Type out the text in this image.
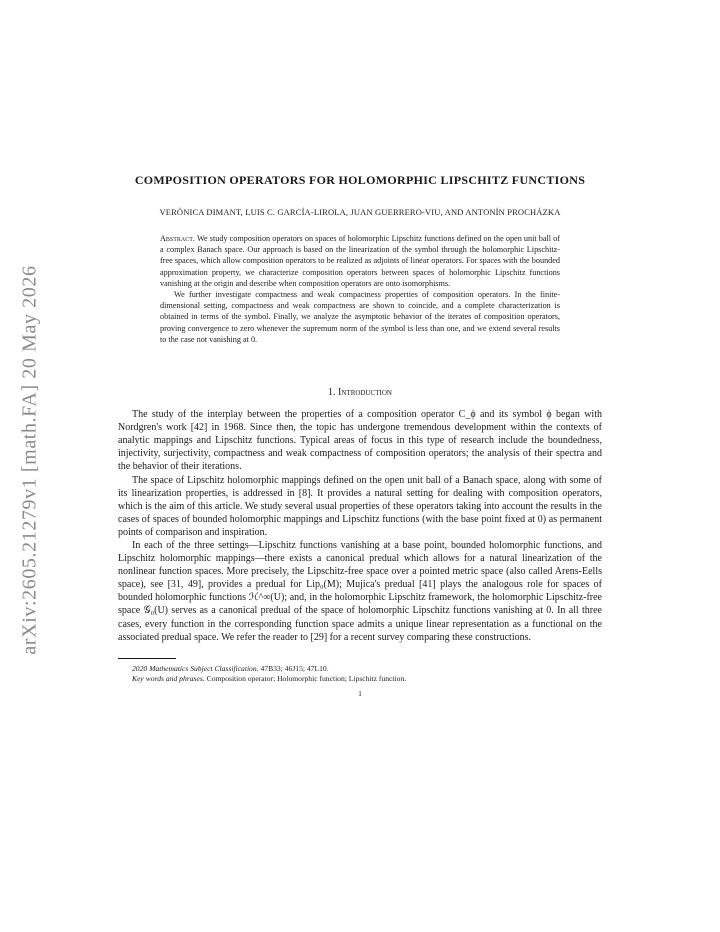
arXiv:2605.21279v1 [math.FA] 20 May 2026
COMPOSITION OPERATORS FOR HOLOMORPHIC LIPSCHITZ FUNCTIONS
VERÓNICA DIMANT, LUIS C. GARCÍA-LIROLA, JUAN GUERRERO-VIU, AND ANTONÍN PROCHÁZKA

Abstract. We study composition operators on spaces of holomorphic Lipschitz functions defined on the open unit ball of a complex Banach space. Our approach is based on the linearization of the symbol through the holomorphic Lipschitz-free spaces, which allow composition operators to be realized as adjoints of linear operators. For spaces with the bounded approximation property, we characterize composition operators between spaces of holomorphic Lipschitz functions vanishing at the origin and describe when composition operators are onto isomorphisms.

We further investigate compactness and weak compactness properties of composition operators. In the finite-dimensional setting, compactness and weak compactness are shown to coincide, and a complete characterization is obtained in terms of the symbol. Finally, we analyze the asymptotic behavior of the iterates of composition operators, proving convergence to zero whenever the supremum norm of the symbol is less than one, and we extend several results to the case not vanishing at 0.

1. Introduction

The study of the interplay between the properties of a composition operator C_ϕ and its symbol ϕ began with Nordgren's work [42] in 1968. Since then, the topic has undergone tremendous development within the contexts of analytic mappings and Lipschitz functions. Typical areas of focus in this type of research include the boundedness, injectivity, surjectivity, compactness and weak compactness of composition operators; the analysis of their spectra and the behavior of their iterations.

The space of Lipschitz holomorphic mappings defined on the open unit ball of a Banach space, along with some of its linearization properties, is addressed in [8]. It provides a natural setting for dealing with composition operators, which is the aim of this article. We study several usual properties of these operators taking into account the results in the cases of spaces of bounded holomorphic mappings and Lipschitz functions (with the base point fixed at 0) as permanent points of comparison and inspiration.

In each of the three settings—Lipschitz functions vanishing at a base point, bounded holomorphic functions, and Lipschitz holomorphic mappings—there exists a canonical predual which allows for a natural linearization of the nonlinear function spaces. More precisely, the Lipschitz-free space over a pointed metric space (also called Arens-Eells space), see [31, 49], provides a predual for Lip₀(M); Mujica's predual [41] plays the analogous role for spaces of bounded holomorphic functions ℋ^∞(U); and, in the holomorphic Lipschitz framework, the holomorphic Lipschitz-free space 𝒢₀(U) serves as a canonical predual of the space of holomorphic Lipschitz functions vanishing at 0. In all three cases, every function in the corresponding function space admits a unique linear representation as a functional on the associated predual space. We refer the reader to [29] for a recent survey comparing these constructions.

2020 Mathematics Subject Classification. 47B33; 46J15; 47L10.
Key words and phrases. Composition operator; Holomorphic function; Lipschitz function.
1
